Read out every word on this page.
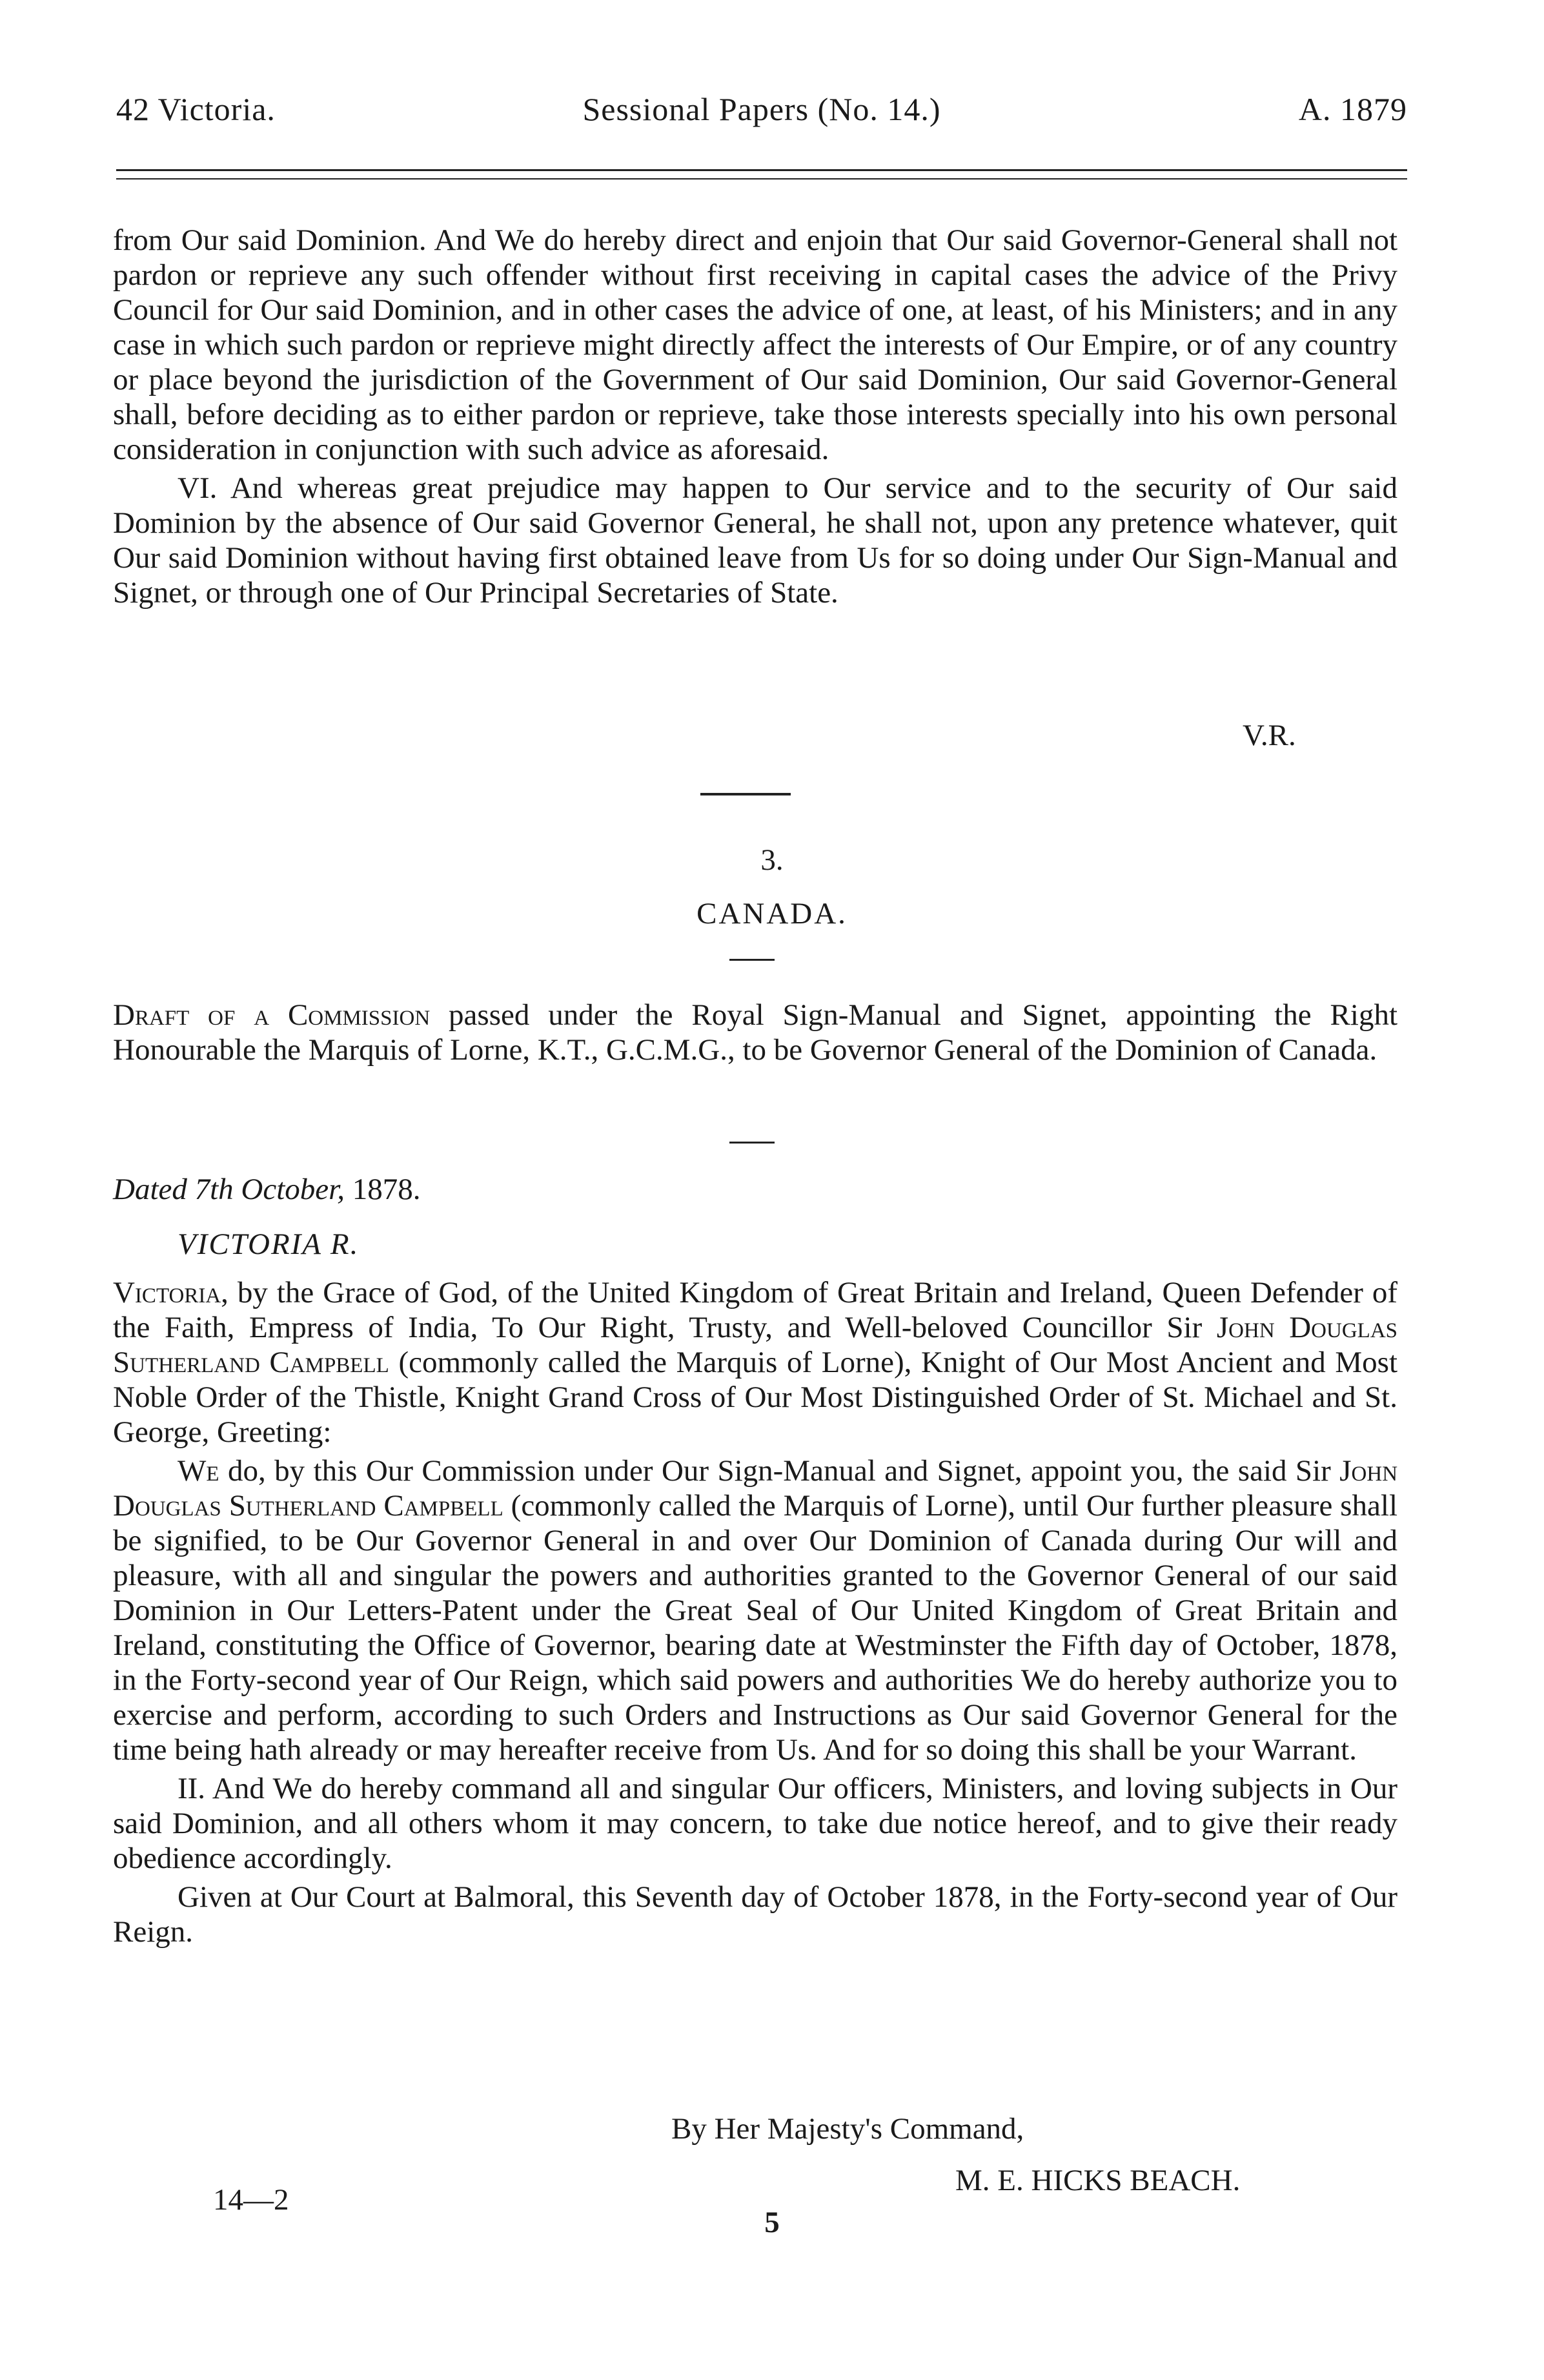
42 Victoria.	Sessional Papers (No. 14.)	A. 1879

from Our said Dominion. And We do hereby direct and enjoin that Our said Governor-General shall not pardon or reprieve any such offender without first receiving in capital cases the advice of the Privy Council for Our said Dominion, and in other cases the advice of one, at least, of his Ministers; and in any case in which such pardon or reprieve might directly affect the interests of Our Empire, or of any country or place beyond the jurisdiction of the Government of Our said Dominion, Our said Governor-General shall, before deciding as to either pardon or reprieve, take those interests specially into his own personal consideration in conjunction with such advice as aforesaid.

VI. And whereas great prejudice may happen to Our service and to the security of Our said Dominion by the absence of Our said Governor General, he shall not, upon any pretence whatever, quit Our said Dominion without having first obtained leave from Us for so doing under Our Sign-Manual and Signet, or through one of Our Principal Secretaries of State.

V.R.
3.
CANADA.

Draft of a Commission passed under the Royal Sign-Manual and Signet, appointing the Right Honourable the Marquis of Lorne, K.T., G.C.M.G., to be Governor General of the Dominion of Canada.

Dated 7th October, 1878.
VICTORIA R.

Victoria, by the Grace of God, of the United Kingdom of Great Britain and Ireland, Queen Defender of the Faith, Empress of India, To Our Right, Trusty, and Well-beloved Councillor Sir John Douglas Sutherland Campbell (commonly called the Marquis of Lorne), Knight of Our Most Ancient and Most Noble Order of the Thistle, Knight Grand Cross of Our Most Distinguished Order of St. Michael and St. George, Greeting:

We do, by this Our Commission under Our Sign-Manual and Signet, appoint you, the said Sir John Douglas Sutherland Campbell (commonly called the Marquis of Lorne), until Our further pleasure shall be signified, to be Our Governor General in and over Our Dominion of Canada during Our will and pleasure, with all and singular the powers and authorities granted to the Governor General of our said Dominion in Our Letters-Patent under the Great Seal of Our United Kingdom of Great Britain and Ireland, constituting the Office of Governor, bearing date at Westminster the Fifth day of October, 1878, in the Forty-second year of Our Reign, which said powers and authorities We do hereby authorize you to exercise and perform, according to such Orders and Instructions as Our said Governor General for the time being hath already or may hereafter receive from Us. And for so doing this shall be your Warrant.

II. And We do hereby command all and singular Our officers, Ministers, and loving subjects in Our said Dominion, and all others whom it may concern, to take due notice hereof, and to give their ready obedience accordingly.

Given at Our Court at Balmoral, this Seventh day of October 1878, in the Forty-second year of Our Reign.

By Her Majesty's Command,
M. E. HICKS BEACH.
14—2
5
